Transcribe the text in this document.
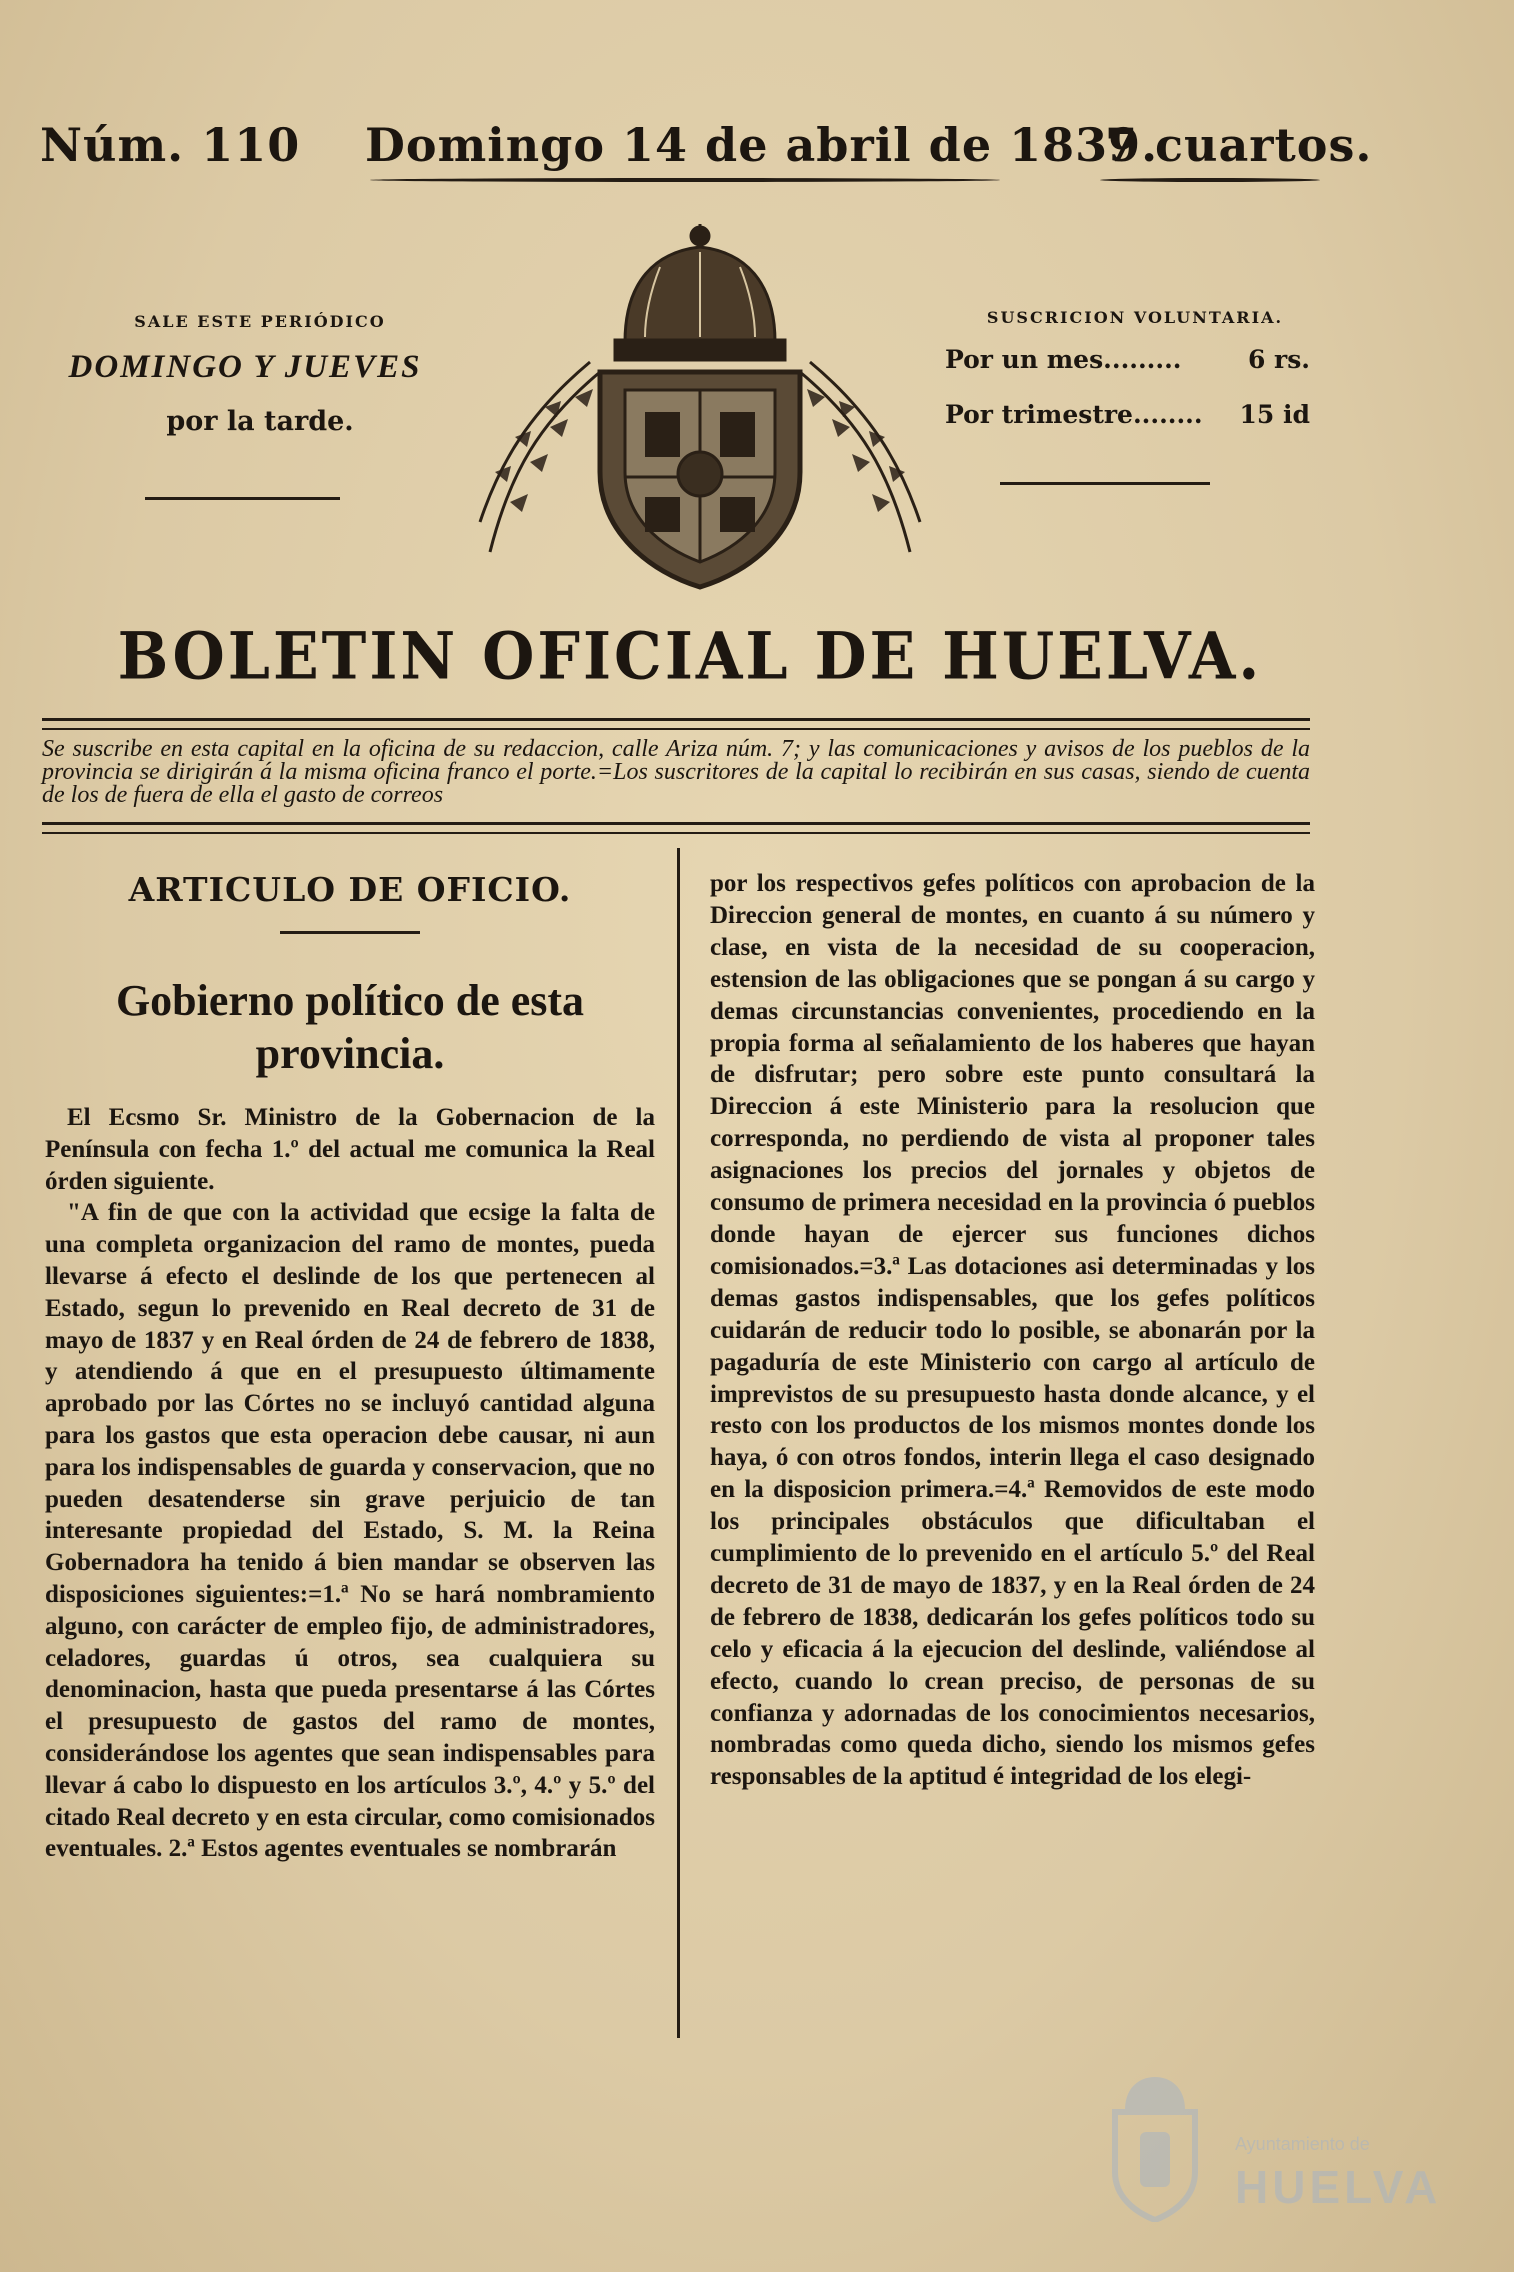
Núm. 110 Domingo 14 de abril de 1839.
7 cuartos.
SALE ESTE PERIÓDICO
DOMINGO Y JUEVES
por la tarde.
SUSCRICION VOLUNTARIA.
Por un mes.........	6 rs.
Por trimestre........ 15 id
BOLETIN OFICIAL DE HUELVA.
Se suscribe en esta capital en la oficina de su redaccion, calle Ariza núm. 7; y las comunicaciones y avisos de los pueblos de la provincia se dirigirán á la misma oficina franco el porte.=Los suscritores de la capital lo recibirán en sus casas, siendo de cuenta de los de fuera de ella el gasto de correos
ARTICULO DE OFICIO.
Gobierno político de esta provincia.

El Ecsmo Sr. Ministro de la Gobernacion de la Península con fecha 1.º del actual me comunica la Real órden siguiente.

"A fin de que con la actividad que ecsige la falta de una completa organizacion del ramo de montes, pueda llevarse á efecto el deslinde de los que pertenecen al Estado, segun lo prevenido en Real decreto de 31 de mayo de 1837 y en Real órden de 24 de febrero de 1838, y atendiendo á que en el presupuesto últimamente aprobado por las Córtes no se incluyó cantidad alguna para los gastos que esta operacion debe causar, ni aun para los indispensables de guarda y conservacion, que no pueden desatenderse sin grave perjuicio de tan interesante propiedad del Estado, S. M. la Reina Gobernadora ha tenido á bien mandar se observen las disposiciones siguientes:=1.ª No se hará nombramiento alguno, con carácter de empleo fijo, de administradores, celadores, guardas ú otros, sea cualquiera su denominacion, hasta que pueda presentarse á las Córtes el presupuesto de gastos del ramo de montes, considerándose los agentes que sean indispensables para llevar á cabo lo dispuesto en los artículos 3.º, 4.º y 5.º del citado Real decreto y en esta circular, como comisionados eventuales. 2.ª Estos agentes eventuales se nombrarán

por los respectivos gefes políticos con aprobacion de la Direccion general de montes, en cuanto á su número y clase, en vista de la necesidad de su cooperacion, estension de las obligaciones que se pongan á su cargo y demas circunstancias convenientes, procediendo en la propia forma al señalamiento de los haberes que hayan de disfrutar; pero sobre este punto consultará la Direccion á este Ministerio para la resolucion que corresponda, no perdiendo de vista al proponer tales asignaciones los precios del jornales y objetos de consumo de primera necesidad en la provincia ó pueblos donde hayan de ejercer sus funciones dichos comisionados.=3.ª Las dotaciones asi determinadas y los demas gastos indispensables, que los gefes políticos cuidarán de reducir todo lo posible, se abonarán por la pagaduría de este Ministerio con cargo al artículo de imprevistos de su presupuesto hasta donde alcance, y el resto con los productos de los mismos montes donde los haya, ó con otros fondos, interin llega el caso designado en la disposicion primera.=4.ª Removidos de este modo los principales obstáculos que dificultaban el cumplimiento de lo prevenido en el artículo 5.º del Real decreto de 31 de mayo de 1837, y en la Real órden de 24 de febrero de 1838, dedicarán los gefes políticos todo su celo y eficacia á la ejecucion del deslinde, valiéndose al efecto, cuando lo crean preciso, de personas de su confianza y adornadas de los conocimientos necesarios, nombradas como queda dicho, siendo los mismos gefes responsables de la aptitud é integridad de los elegi-
Ayuntamiento de
HUELVA
